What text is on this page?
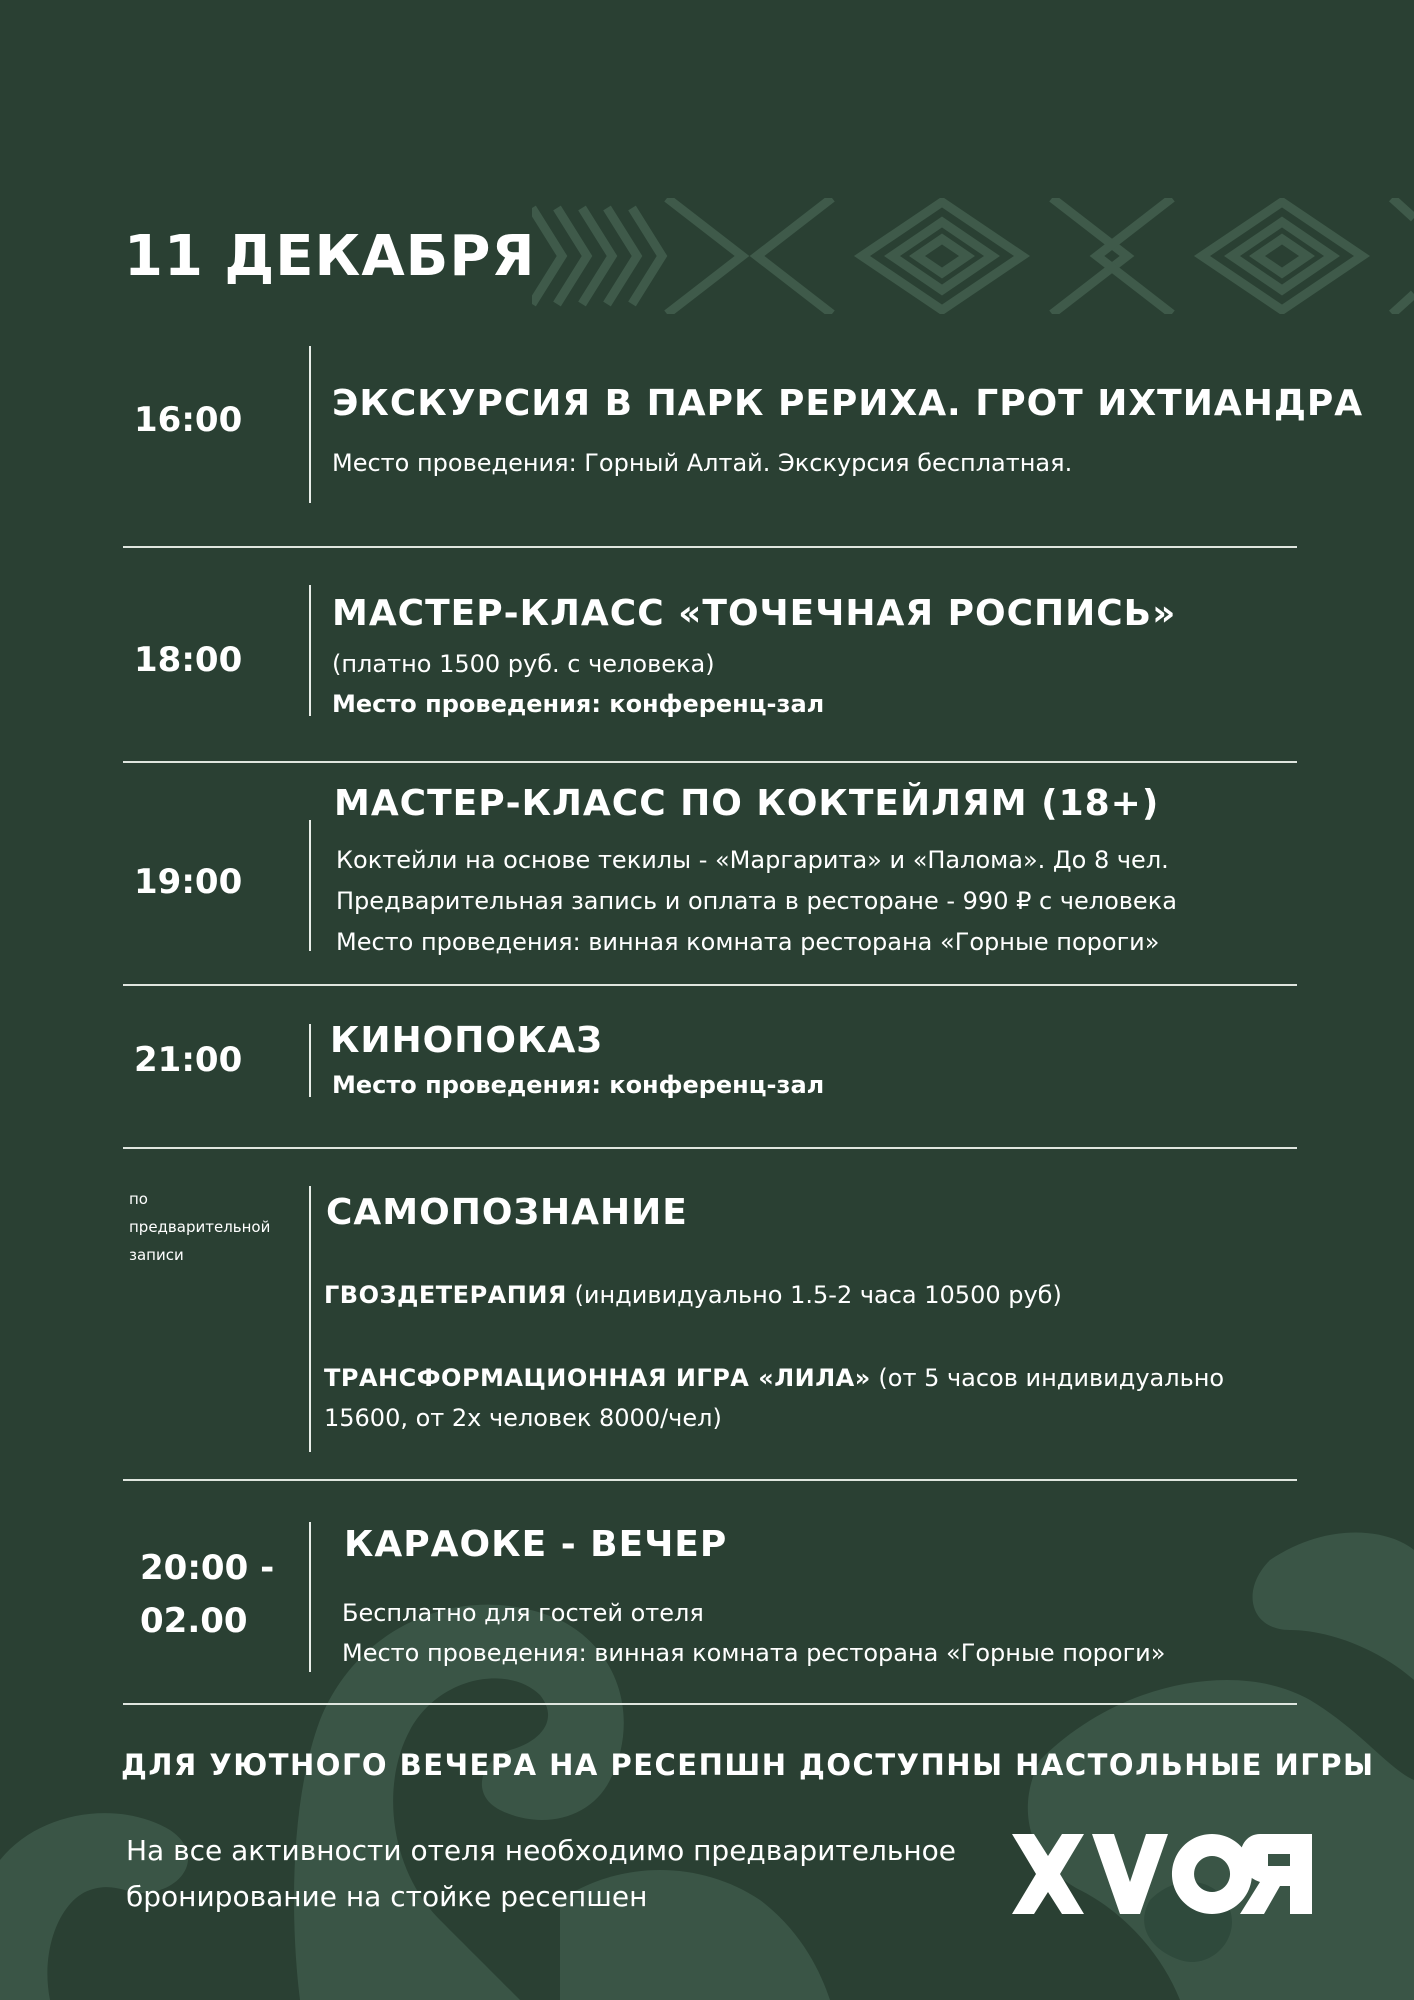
11 ДЕКАБРЯ
16:00 ЭКСКУРСИЯ В ПАРК РЕРИХА. ГРОТ ИХТИАНДРА
Место проведения: Горный Алтай. Экскурсия бесплатная.
18:00
МАСТЕР-КЛАСС «ТОЧЕЧНАЯ РОСПИСЬ»
(платно 1500 руб. с человека)
Место проведения: конференц-зал
19:00
МАСТЕР-КЛАСС ПО КОКТЕЙЛЯМ (18+)
Коктейли на основе текилы - «Маргарита» и «Палома». До 8 чел.
Предварительная запись и оплата в ресторане - 990 ₽ с человека
Место проведения: винная комната ресторана «Горные пороги»
21:00 КИНОПОКАЗ
Место проведения: конференц-зал
по
предварительной
записи
САМОПОЗНАНИЕ
ГВОЗДЕТЕРАПИЯ (индивидуально 1.5-2 часа 10500 руб)
ТРАНСФОРМАЦИОННАЯ ИГРА «ЛИЛА» (от 5 часов индивидуально
15600, от 2х человек 8000/чел)
20:00 -
02.00
КАРАОКЕ - ВЕЧЕР
Бесплатно для гостей отеля
Место проведения: винная комната ресторана «Горные пороги»
ДЛЯ УЮТНОГО ВЕЧЕРА НА РЕСЕПШН ДОСТУПНЫ НАСТОЛЬНЫЕ ИГРЫ
На все активности отеля необходимо предварительное
бронирование на стойке ресепшен
